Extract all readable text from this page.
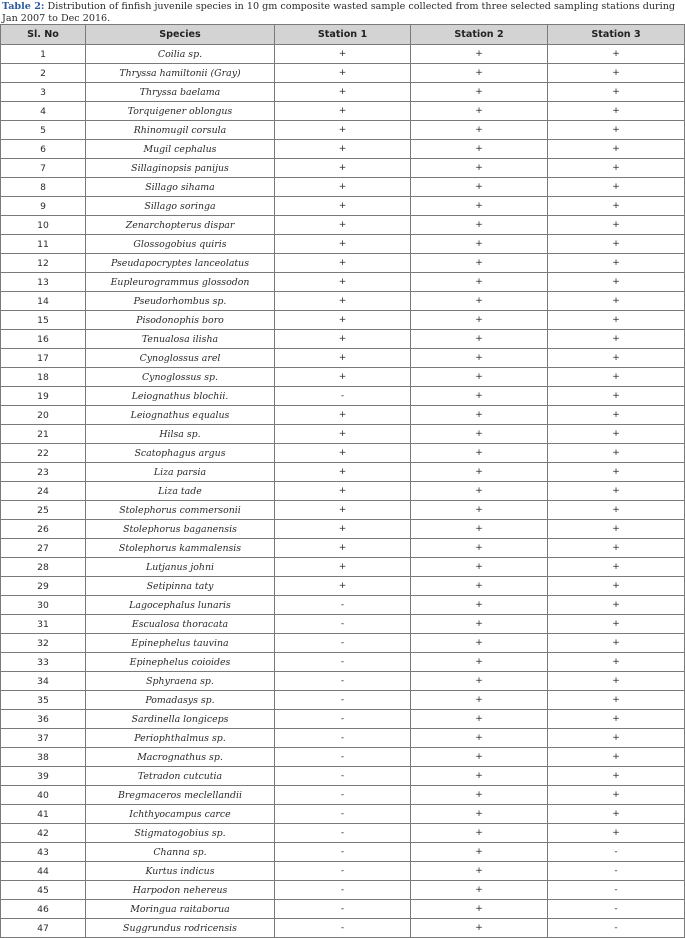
Table 2: Distribution of finfish juvenile species in 10 gm composite wasted sample collected from three selected sampling stations during Jan 2007 to Dec 2016.
Sl. No	Species	Station 1	Station 2	Station 3
1	Coilia sp.	+	+	+
2	Thryssa hamiltonii (Gray)	+	+	+
3	Thryssa baelama	+	+	+
4	Torquigener oblongus	+	+	+
5	Rhinomugil corsula	+	+	+
6	Mugil cephalus	+	+	+
7	Sillaginopsis panijus	+	+	+
8	Sillago sihama	+	+	+
9	Sillago soringa	+	+	+
10	Zenarchopterus dispar	+	+	+
11	Glossogobius quiris	+	+	+
12	Pseudapocryptes lanceolatus	+	+	+
13	Eupleurogrammus glossodon	+	+	+
14	Pseudorhombus sp.	+	+	+
15	Pisodonophis boro	+	+	+
16	Tenualosa ilisha	+	+	+
17	Cynoglossus arel	+	+	+
18	Cynoglossus sp.	+	+	+
19	Leiognathus blochii.	-	+	+
20	Leiognathus equalus	+	+	+
21	Hilsa sp.	+	+	+
22	Scatophagus argus	+	+	+
23	Liza parsia	+	+	+
24	Liza tade	+	+	+
25	Stolephorus commersonii	+	+	+
26	Stolephorus baganensis	+	+	+
27	Stolephorus kammalensis	+	+	+
28	Lutjanus johni	+	+	+
29	Setipinna taty	+	+	+
30	Lagocephalus lunaris	-	+	+
31	Escualosa thoracata	-	+	+
32	Epinephelus tauvina	-	+	+
33	Epinephelus coioides	-	+	+
34	Sphyraena sp.	-	+	+
35	Pomadasys sp.	-	+	+
36	Sardinella longiceps	-	+	+
37	Periophthalmus sp.	-	+	+
38	Macrognathus sp.	-	+	+
39	Tetradon cutcutia	-	+	+
40	Bregmaceros meclellandii	-	+	+
41	Ichthyocampus carce	-	+	+
42	Stigmatogobius sp.	-	+	+
43	Channa sp.	-	+	-
44	Kurtus indicus	-	+	-
45	Harpodon nehereus	-	+	-
46	Moringua raitaborua	-	+	-
47	Suggrundus rodricensis	-	+	-
